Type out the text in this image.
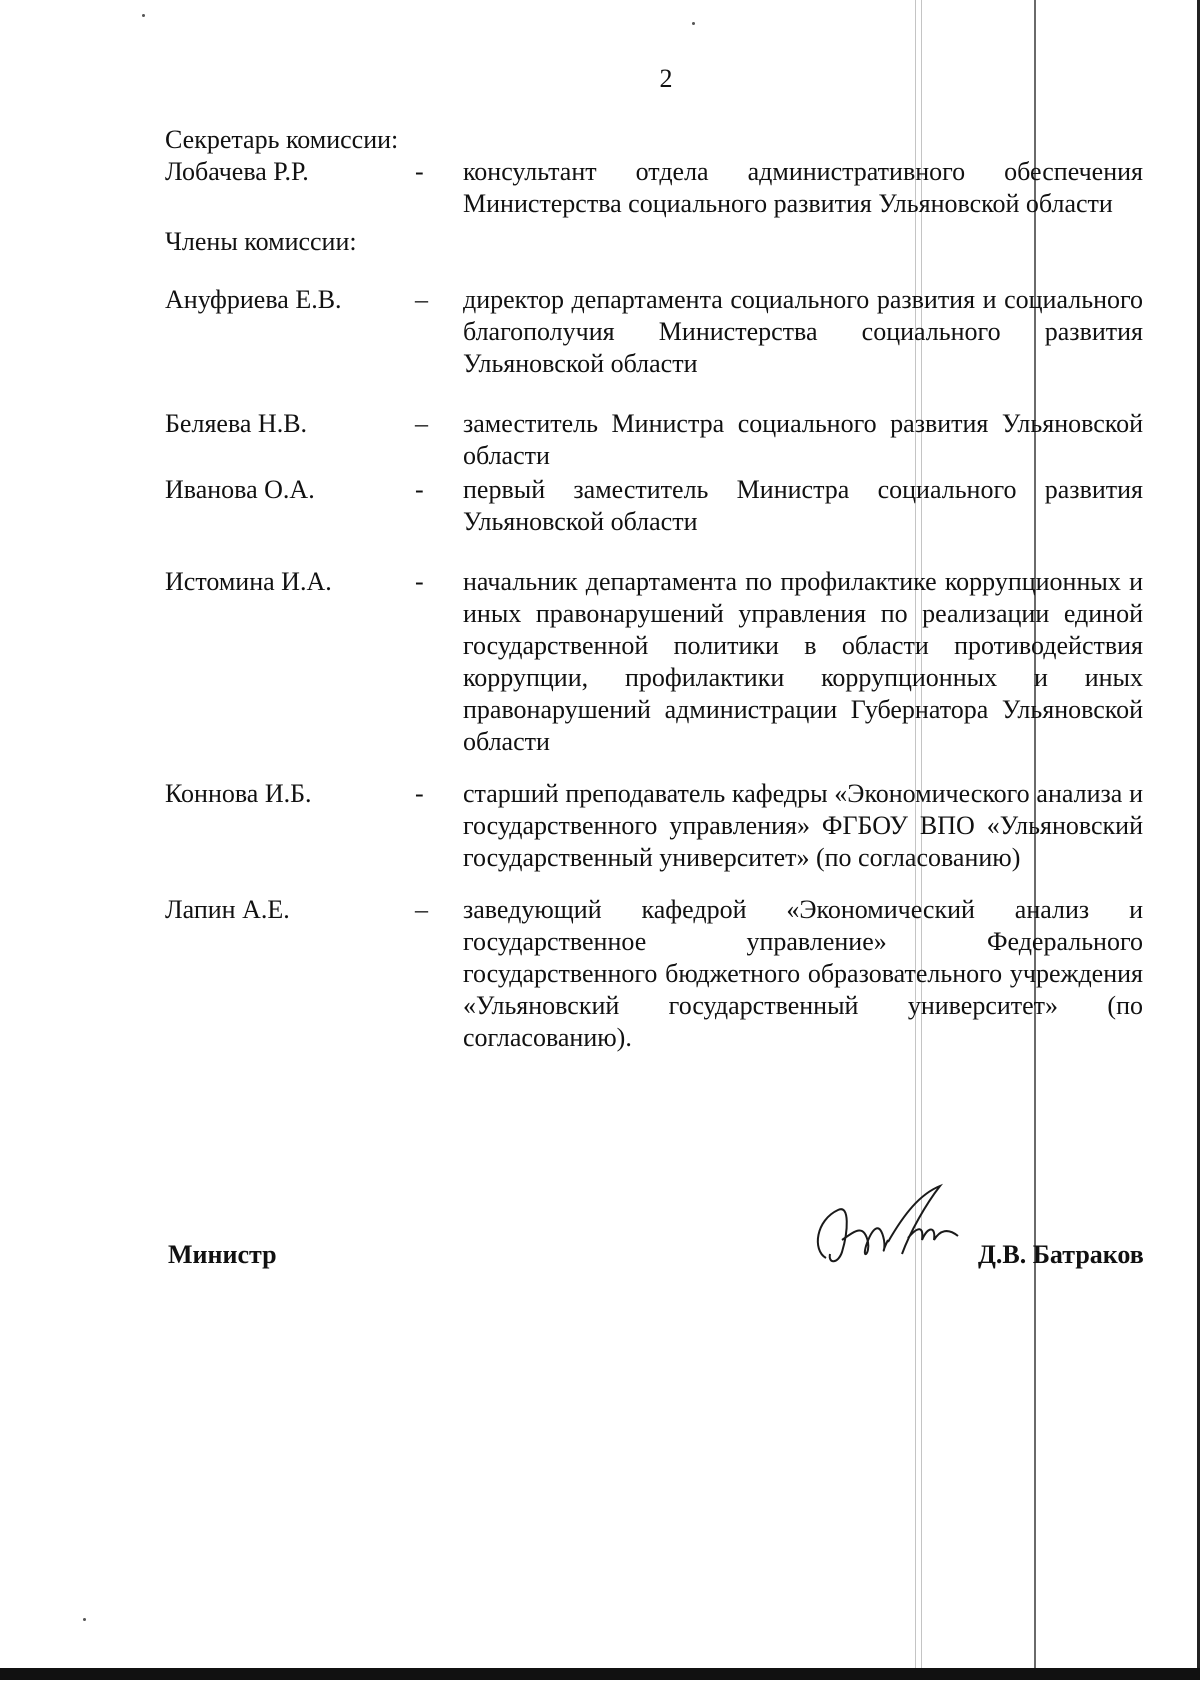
2
Секретарь комиссии:
Лобачева Р.Р.	-	консультант отдела административного обеспечения Министерства социального развития Ульяновской области
Члены комиссии:
Ануфриева Е.В.	–	директор департамента социального развития и социального благополучия Министерства социального развития Ульяновской области
Беляева Н.В.	–	заместитель Министра социального развития Ульяновской области
Иванова О.А.	-	первый заместитель Министра социального развития Ульяновской области
Истомина И.А.	-	начальник департамента по профилактике коррупционных и иных правонарушений управления по реализации единой государственной политики в области противодействия коррупции, профилактики коррупционных и иных правонарушений администрации Губернатора Ульяновской области
Коннова И.Б.	-	старший преподаватель кафедры «Экономического анализа и государственного управления» ФГБОУ ВПО «Ульяновский государственный университет» (по согласованию)
Лапин А.Е.	–	заведующий кафедрой «Экономический анализ и государственное управление» Федерального государственного бюджетного образовательного учреждения «Ульяновский государственный университет» (по согласованию).
Министр	Д.В. Батраков
